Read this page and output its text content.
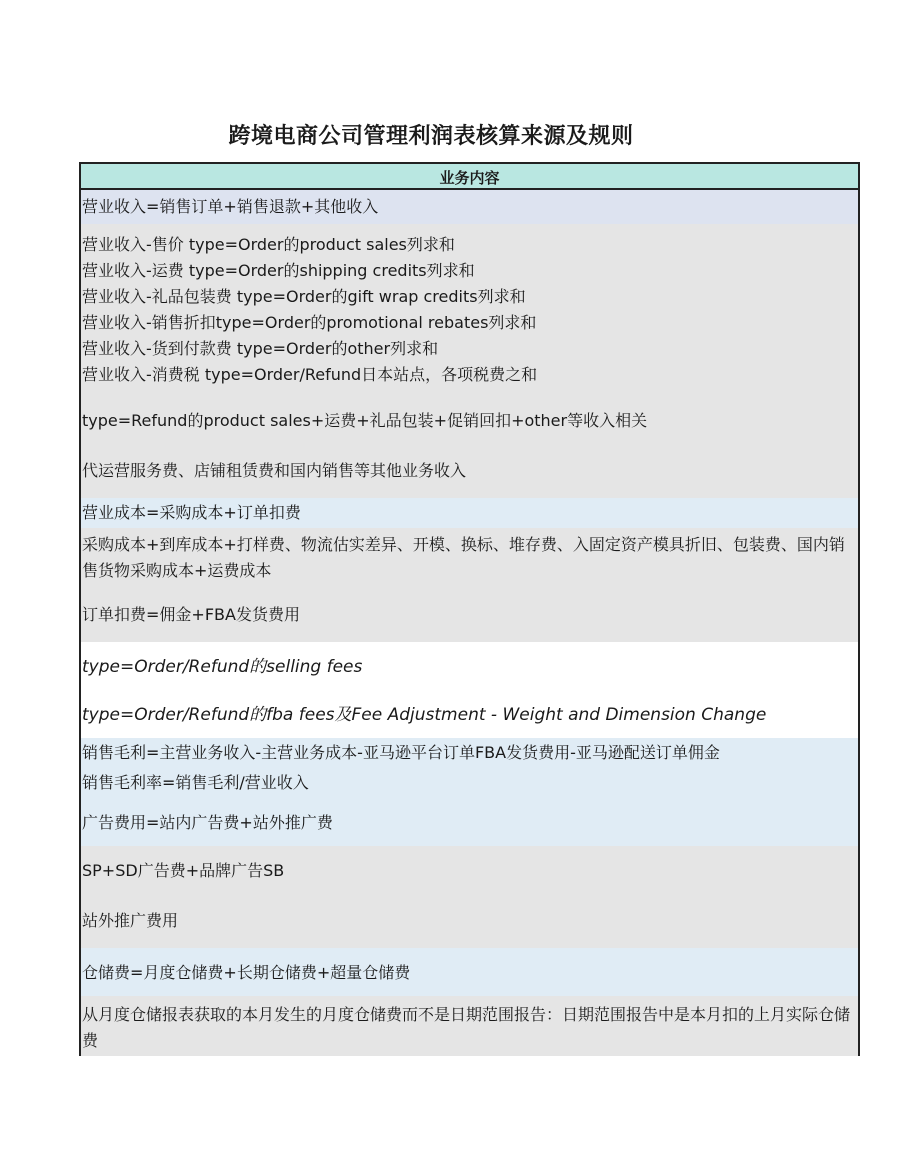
跨境电商公司管理利润表核算来源及规则
业务内容
营业收入=销售订单+销售退款+其他收入
营业收入-售价 type=Order的product sales列求和
营业收入-运费 type=Order的shipping credits列求和
营业收入-礼品包装费 type=Order的gift wrap credits列求和
营业收入-销售折扣type=Order的promotional rebates列求和
营业收入-货到付款费 type=Order的other列求和
营业收入-消费税 type=Order/Refund日本站点，各项税费之和
type=Refund的product sales+运费+礼品包装+促销回扣+other等收入相关
代运营服务费、店铺租赁费和国内销售等其他业务收入
营业成本=采购成本+订单扣费
采购成本+到库成本+打样费、物流估实差异、开模、换标、堆存费、入固定资产模具折旧、包装费、国内销售货物采购成本+运费成本
订单扣费=佣金+FBA发货费用
type=Order/Refund的selling fees
type=Order/Refund的fba fees及Fee Adjustment - Weight and Dimension Change
销售毛利=主营业务收入-主营业务成本-亚马逊平台订单FBA发货费用-亚马逊配送订单佣金
销售毛利率=销售毛利/营业收入
广告费用=站内广告费+站外推广费
SP+SD广告费+品牌广告SB
站外推广费用
仓储费=月度仓储费+长期仓储费+超量仓储费
从月度仓储报表获取的本月发生的月度仓储费而不是日期范围报告：日期范围报告中是本月扣的上月实际仓储费
